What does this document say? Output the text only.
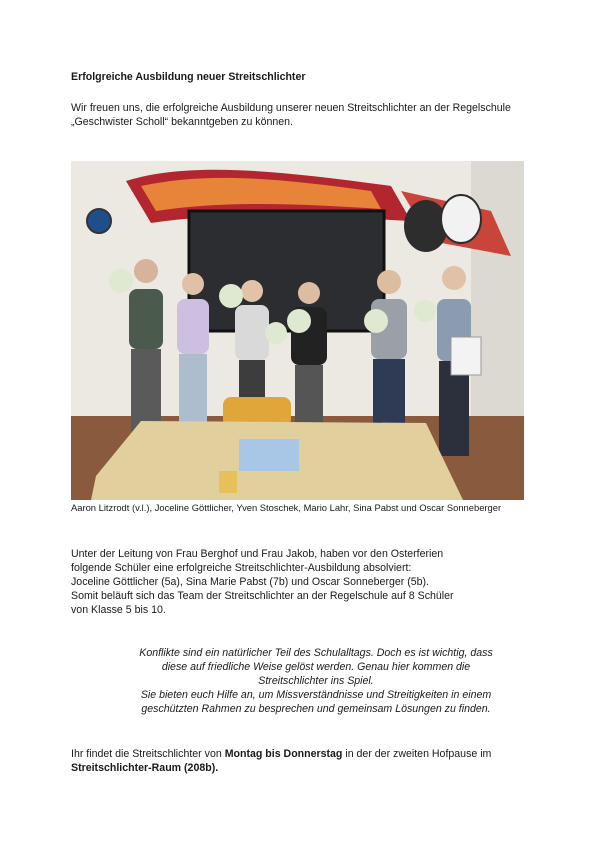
Erfolgreiche Ausbildung neuer Streitschlichter

Wir freuen uns, die erfolgreiche Ausbildung unserer neuen Streitschlichter an der Regelschule „Geschwister Scholl“ bekanntgeben zu können.

Aaron Litzrodt (v.l.), Joceline Göttlicher, Yven Stoschek, Mario Lahr, Sina Pabst und Oscar Sonneberger

Unter der Leitung von Frau Berghof und Frau Jakob, haben vor den Osterferien

folgende Schüler eine erfolgreiche Streitschlichter-Ausbildung absolviert:

Joceline Göttlicher (5a), Sina Marie Pabst (7b) und Oscar Sonneberger (5b).

Somit beläuft sich das Team der Streitschlichter an der Regelschule auf 8 Schüler

von Klasse 5 bis 10.

Konflikte sind ein natürlicher Teil des Schulalltags. Doch es ist wichtig, dass

diese auf friedliche Weise gelöst werden. Genau hier kommen die

Streitschlichter ins Spiel.

Sie bieten euch Hilfe an, um Missverständnisse und Streitigkeiten in einem

geschützten Rahmen zu besprechen und gemeinsam Lösungen zu finden.

Ihr findet die Streitschlichter von Montag bis Donnerstag in der der zweiten Hofpause im Streitschlichter-Raum (208b).
